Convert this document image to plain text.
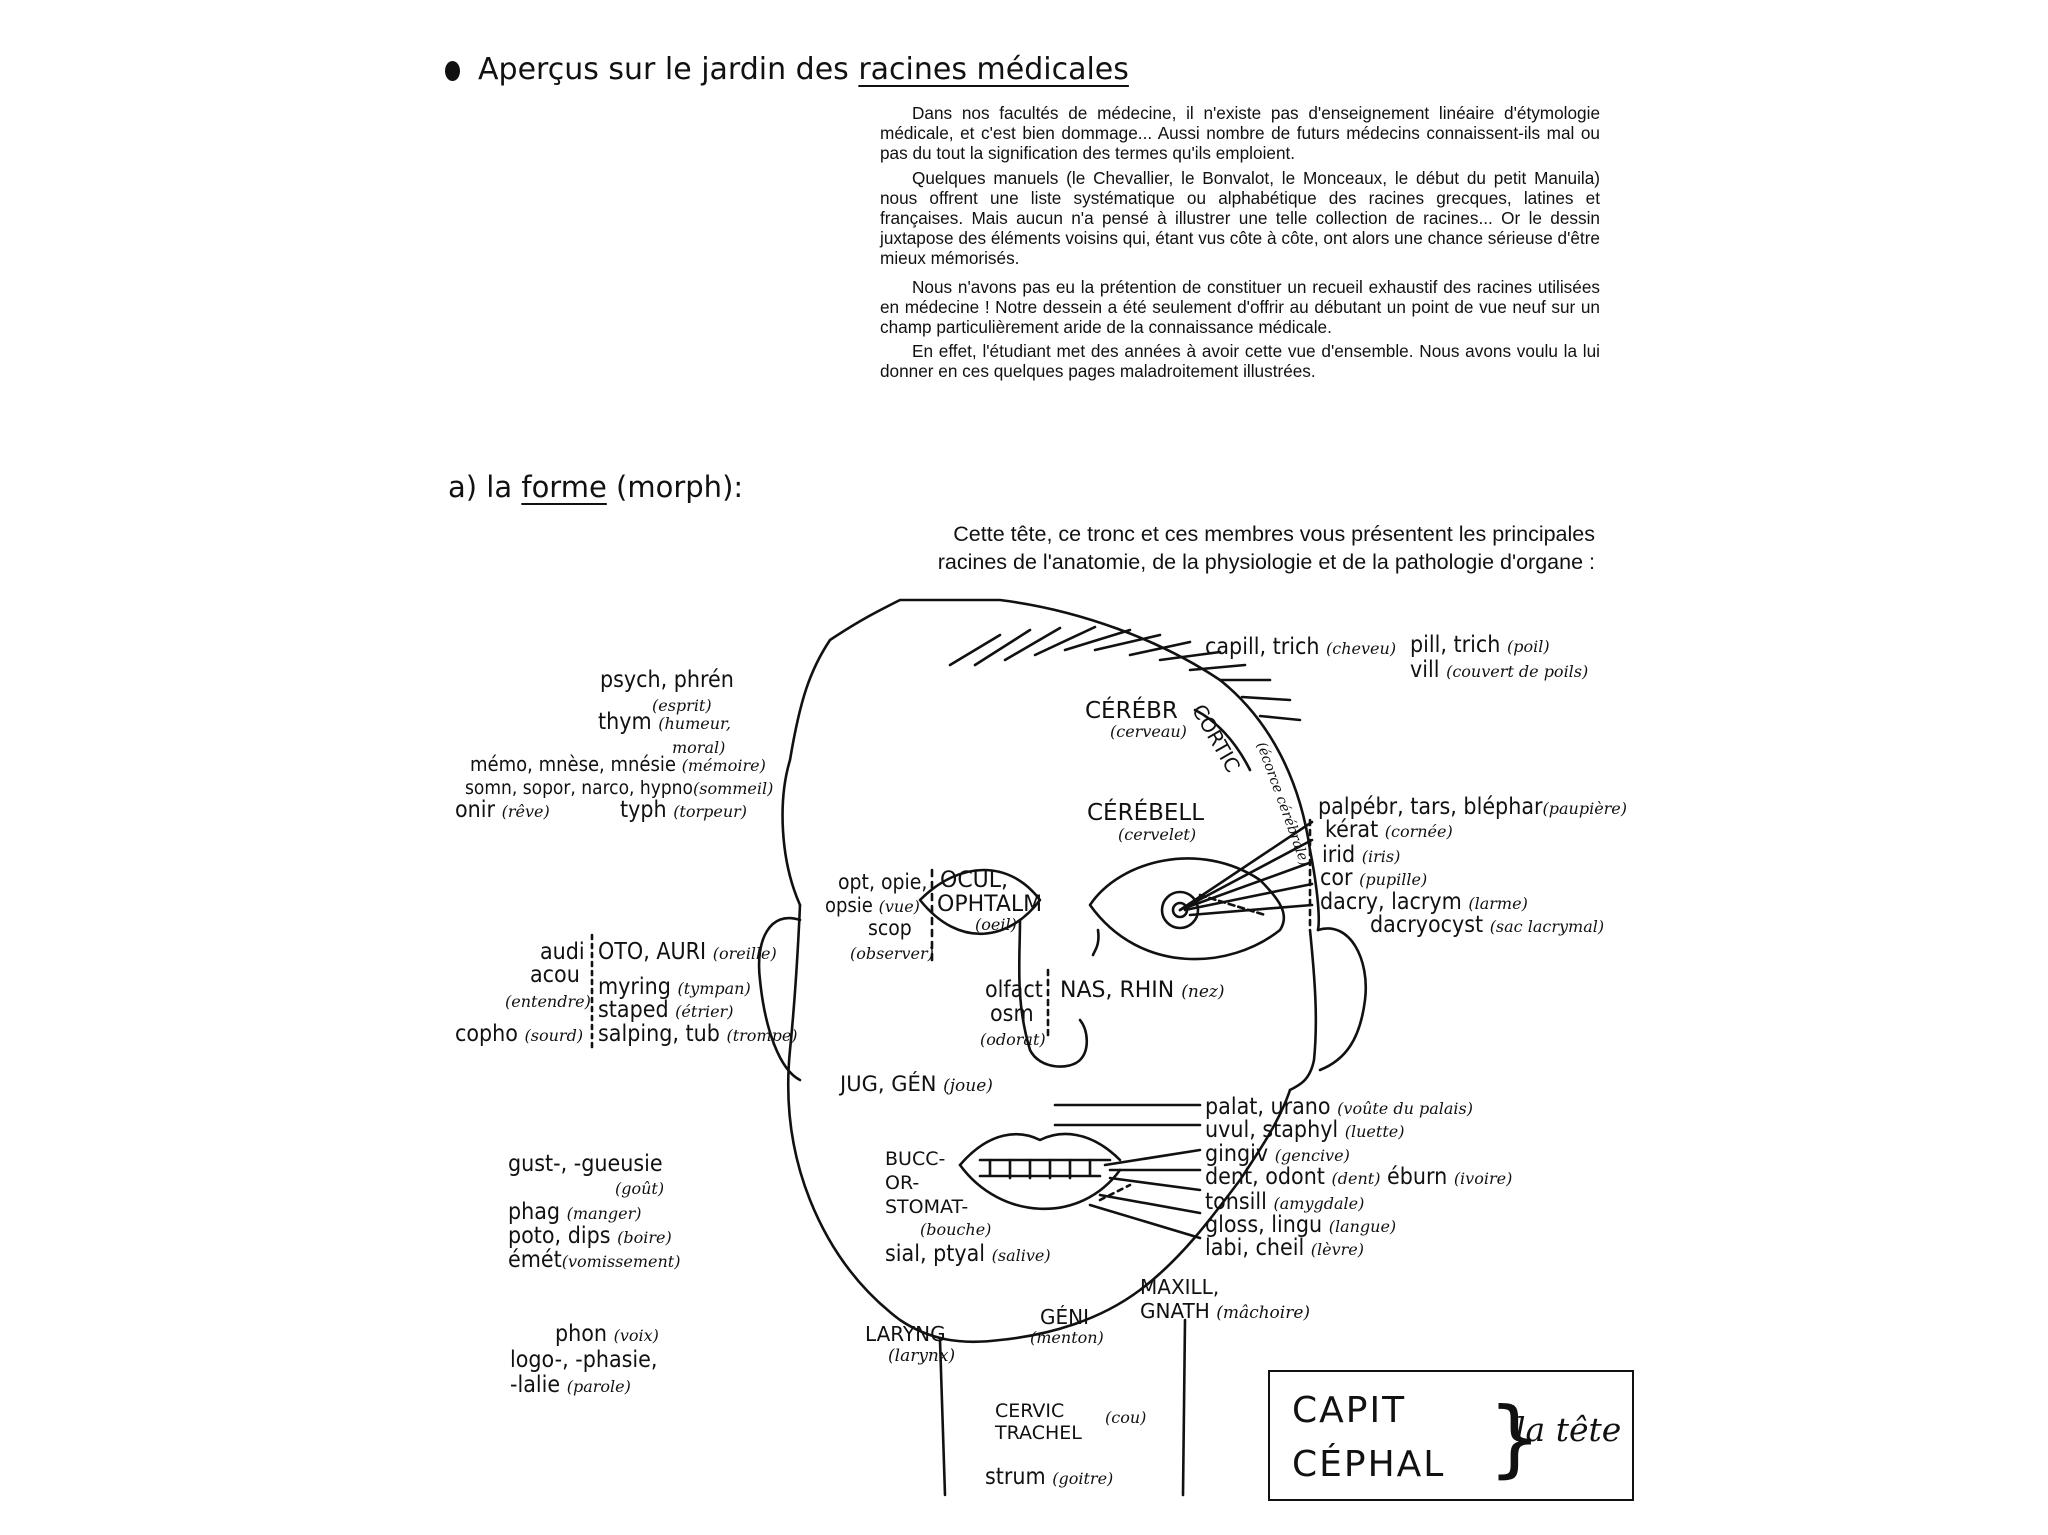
Aperçus sur le jardin des racines médicales

Dans nos facultés de médecine, il n'existe pas d'enseignement linéaire d'étymologie médicale, et c'est bien dommage... Aussi nombre de futurs médecins connaissent-ils mal ou pas du tout la signification des termes qu'ils emploient.

Quelques manuels (le Chevallier, le Bonvalot, le Monceaux, le début du petit Manuila) nous offrent une liste systématique ou alphabétique des racines grecques, latines et françaises. Mais aucun n'a pensé à illustrer une telle collection de racines... Or le dessin juxtapose des éléments voisins qui, étant vus côte à côte, ont alors une chance sérieuse d'être mieux mémorisés.

Nous n'avons pas eu la prétention de constituer un recueil exhaustif des racines utilisées en médecine ! Notre dessein a été seulement d'offrir au débutant un point de vue neuf sur un champ particulièrement aride de la connaissance médicale.

En effet, l'étudiant met des années à avoir cette vue d'ensemble. Nous avons voulu la lui donner en ces quelques pages maladroitement illustrées.

a) la forme (morph):
Cette tête, ce tronc et ces membres vous présentent les principales
racines de l'anatomie, de la physiologie et de la pathologie d'organe :
capill, trich (cheveu) pill, trich (poil)
vill (couvert de poils)
psych, phrén
(esprit)
thym (humeur,
moral)
mémo, mnèse, mnésie (mémoire)
somn, sopor, narco, hypno(sommeil)
onir (rêve)	typh (torpeur)
CÉRÉBR
(cerveau) CORTIC
(écorce cérébrale)
CÉRÉBELL
(cervelet)
palpébr, tars, bléphar(paupière)
kérat (cornée)
irid (iris)
cor (pupille)
dacry, lacrym (larme)
dacryocyst (sac lacrymal)
opt, opie,
opsie (vue)
scop
(observer)
OCUL,
OPHTALM
(oeil)
audi
acou
(entendre)
copho (sourd)
OTO, AURI (oreille)
myring (tympan)
staped (étrier)
salping, tub (trompe)
olfact
osm
(odorat)
NAS, RHIN (nez)
JUG, GÉN (joue)
palat, urano (voûte du palais)
uvul, staphyl (luette)
gingiv (gencive)
dent, odont (dent) éburn (ivoire)
tonsill (amygdale)
gloss, lingu (langue)
labi, cheil (lèvre)
BUCC-
OR-
STOMAT-
(bouche)
sial, ptyal (salive)
gust-, -gueusie
(goût)
phag (manger)
poto, dips (boire)
émét(vomissement)
MAXILL,
GNATH (mâchoire)
GÉNI
(menton)
LARYNG
(larynx)
phon (voix)
logo-, -phasie,
-lalie (parole)
CERVIC
TRACHEL
(cou)
strum (goitre)
CAPIT
CÉPHAL }
la tête
